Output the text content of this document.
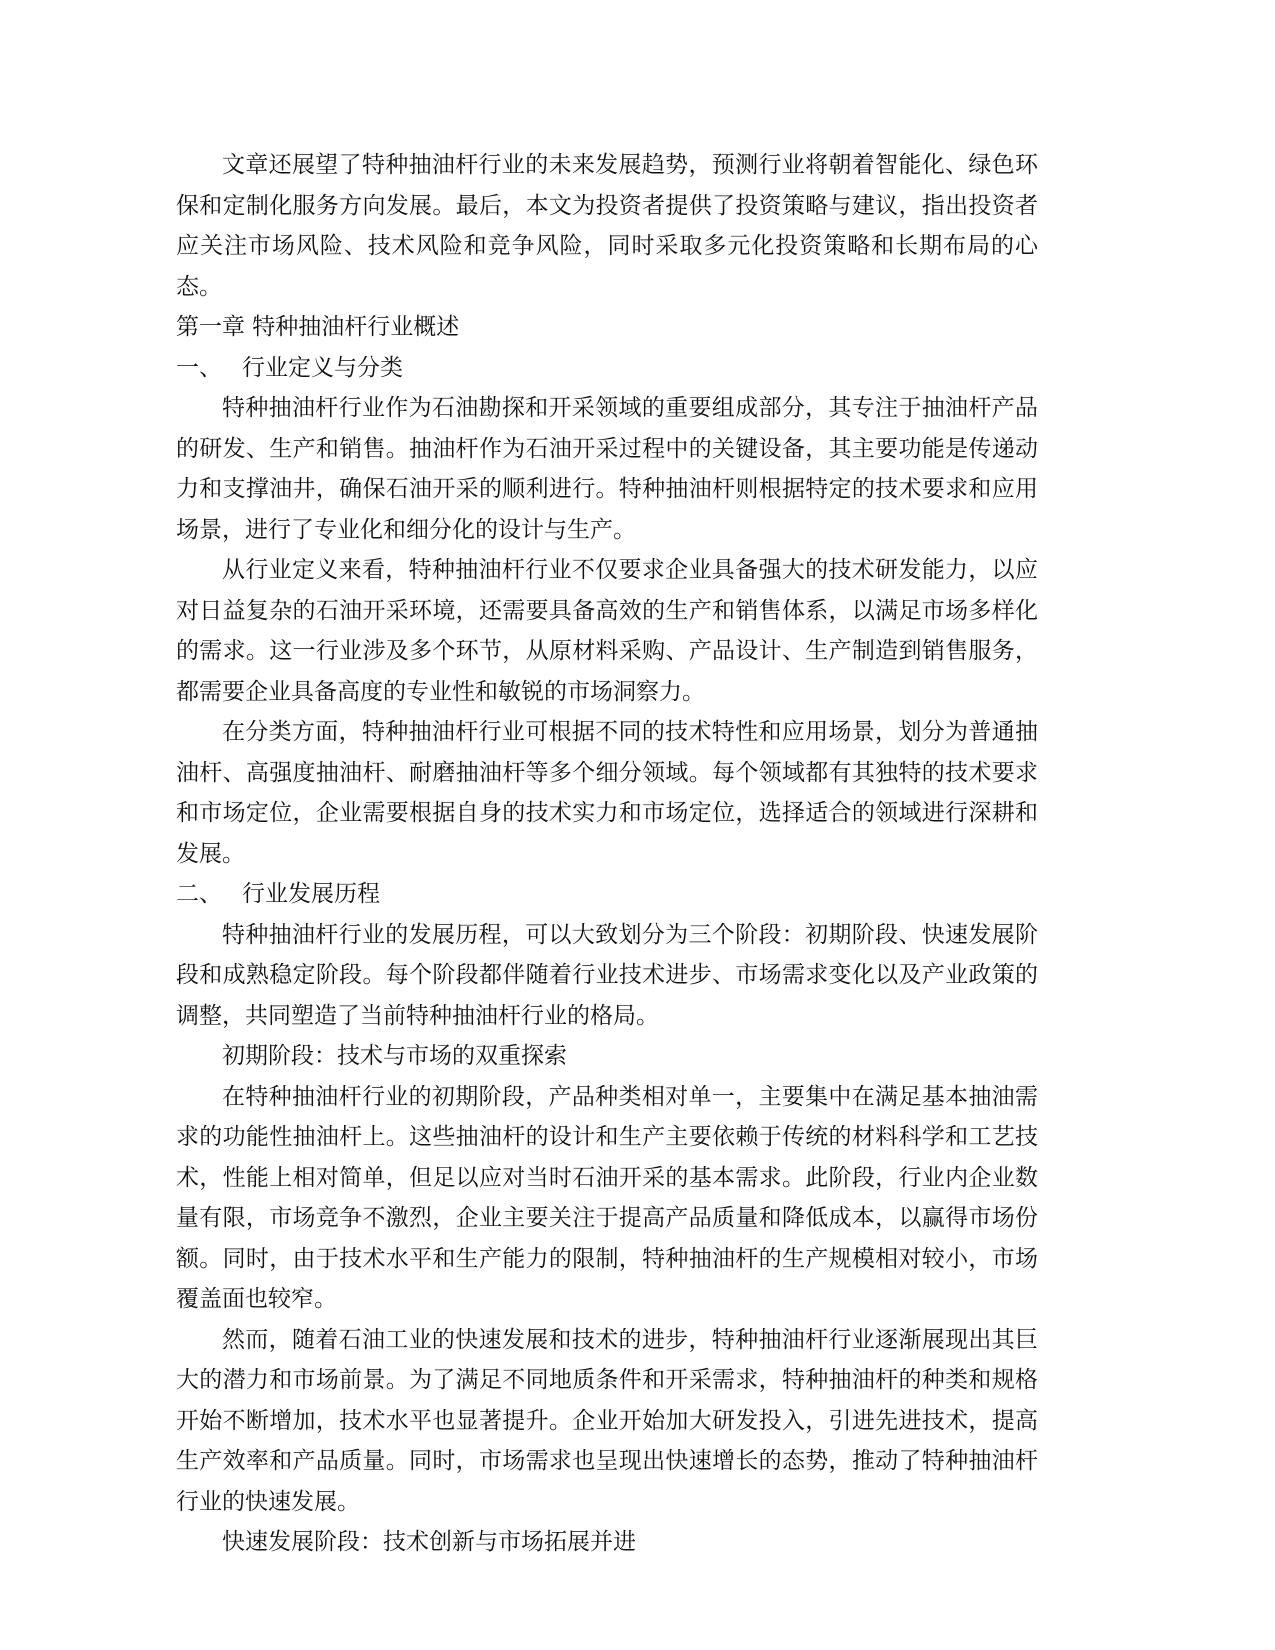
文章还展望了特种抽油杆行业的未来发展趋势，预测行业将朝着智能化、绿色环保和定制化服务方向发展。最后，本文为投资者提供了投资策略与建议，指出投资者应关注市场风险、技术风险和竞争风险，同时采取多元化投资策略和长期布局的心态。

第一章 特种抽油杆行业概述

一、 行业定义与分类

特种抽油杆行业作为石油勘探和开采领域的重要组成部分，其专注于抽油杆产品的研发、生产和销售。抽油杆作为石油开采过程中的关键设备，其主要功能是传递动力和支撑油井，确保石油开采的顺利进行。特种抽油杆则根据特定的技术要求和应用场景，进行了专业化和细分化的设计与生产。

从行业定义来看，特种抽油杆行业不仅要求企业具备强大的技术研发能力，以应对日益复杂的石油开采环境，还需要具备高效的生产和销售体系，以满足市场多样化的需求。这一行业涉及多个环节，从原材料采购、产品设计、生产制造到销售服务，都需要企业具备高度的专业性和敏锐的市场洞察力。

在分类方面，特种抽油杆行业可根据不同的技术特性和应用场景，划分为普通抽油杆、高强度抽油杆、耐磨抽油杆等多个细分领域。每个领域都有其独特的技术要求和市场定位，企业需要根据自身的技术实力和市场定位，选择适合的领域进行深耕和发展。

二、 行业发展历程

特种抽油杆行业的发展历程，可以大致划分为三个阶段：初期阶段、快速发展阶段和成熟稳定阶段。每个阶段都伴随着行业技术进步、市场需求变化以及产业政策的调整，共同塑造了当前特种抽油杆行业的格局。

初期阶段：技术与市场的双重探索

在特种抽油杆行业的初期阶段，产品种类相对单一，主要集中在满足基本抽油需求的功能性抽油杆上。这些抽油杆的设计和生产主要依赖于传统的材料科学和工艺技术，性能上相对简单，但足以应对当时石油开采的基本需求。此阶段，行业内企业数量有限，市场竞争不激烈，企业主要关注于提高产品质量和降低成本，以赢得市场份额。同时，由于技术水平和生产能力的限制，特种抽油杆的生产规模相对较小，市场覆盖面也较窄。

然而，随着石油工业的快速发展和技术的进步，特种抽油杆行业逐渐展现出其巨大的潜力和市场前景。为了满足不同地质条件和开采需求，特种抽油杆的种类和规格开始不断增加，技术水平也显著提升。企业开始加大研发投入，引进先进技术，提高生产效率和产品质量。同时，市场需求也呈现出快速增长的态势，推动了特种抽油杆行业的快速发展。

快速发展阶段：技术创新与市场拓展并进
